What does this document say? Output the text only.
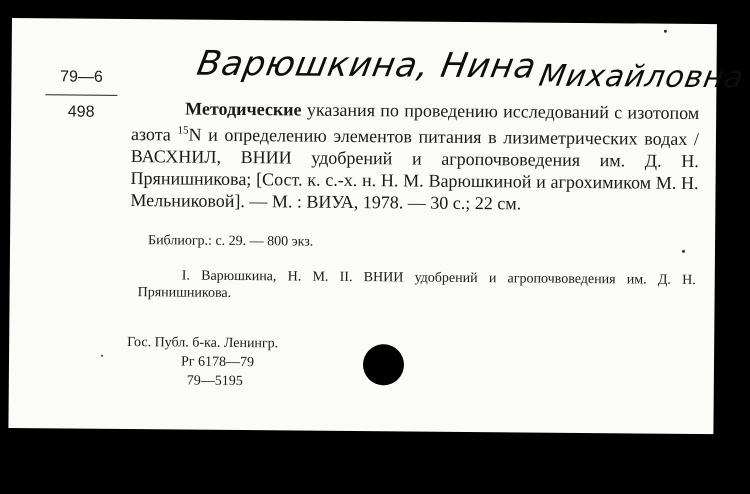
Варюшкина, Нина
Михайловна
79—6
498	Методические указания по проведению исследований с изотопом азота $^{15}$N и определению элементов питания в лизиметрических водах / ВАСХНИЛ, ВНИИ удобрений и агропочвоведения им. Д. Н. Прянишникова; [Сост. к. с.-х. н. Н. М. Варюшкиной и агрохимиком М. Н. Мельниковой]. — М. : ВИУА, 1978. — 30 с.; 22 см.
Библиогр.: с. 29. — 800 экз.
I. Варюшкина, Н. М. II. ВНИИ удобрений и агропочвоведения им. Д. Н. Прянишникова.
Гос. Публ. б-ка. Ленингр.
Рг 6178—79
79—5195
